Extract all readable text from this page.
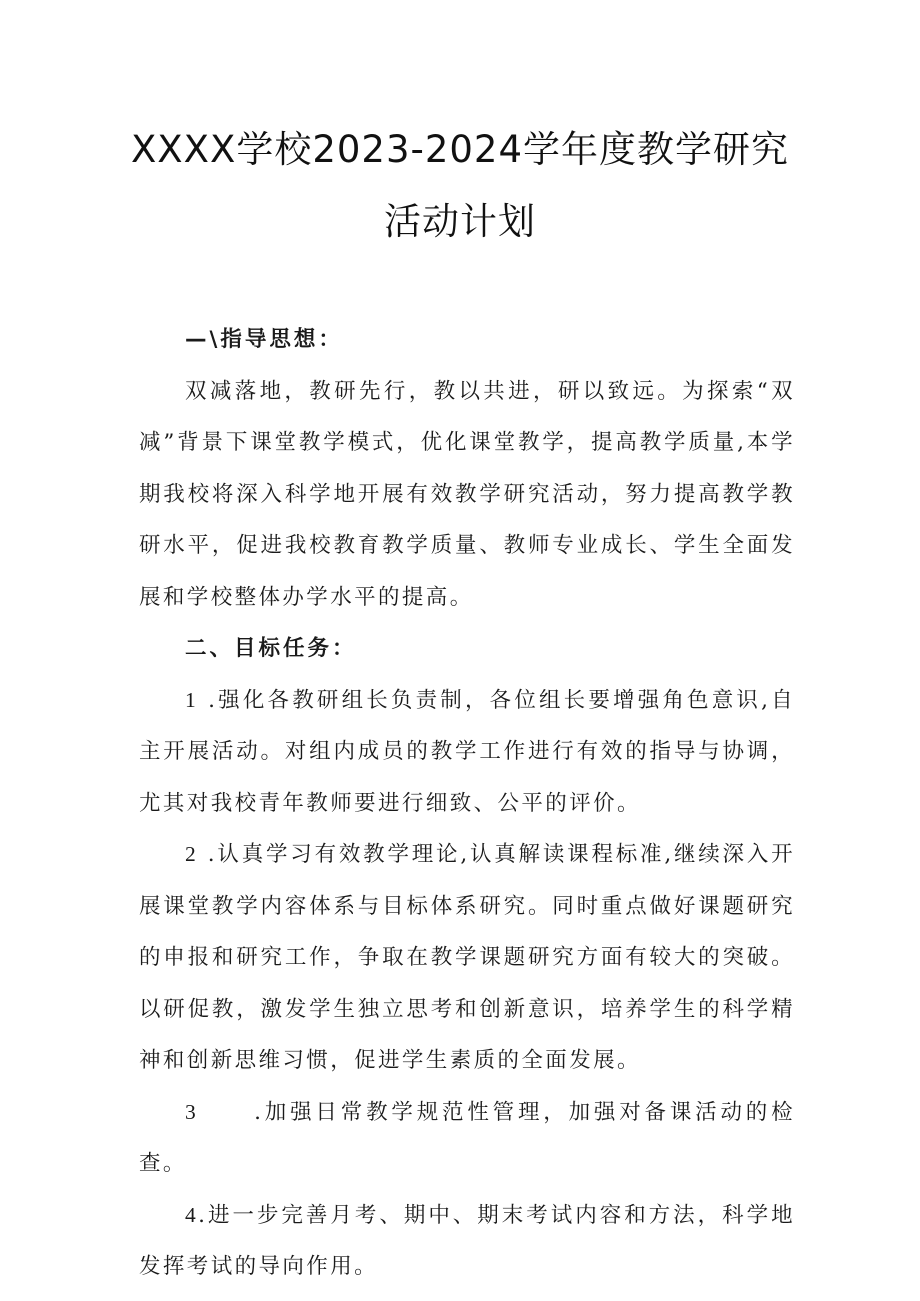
XXXX学校2023-2024学年度教学研究
活动计划

—\指导思想：

双减落地，教研先行，教以共进，研以致远。为探索“双减”背景下课堂教学模式，优化课堂教学，提高教学质量,本学期我校将深入科学地开展有效教学研究活动，努力提高教学教研水平，促进我校教育教学质量、教师专业成长、学生全面发展和学校整体办学水平的提高。

二、目标任务：

1 .强化各教研组长负责制，各位组长要增强角色意识,自主开展活动。对组内成员的教学工作进行有效的指导与协调，尤其对我校青年教师要进行细致、公平的评价。

2 .认真学习有效教学理论,认真解读课程标准,继续深入开展课堂教学内容体系与目标体系研究。同时重点做好课题研究的申报和研究工作，争取在教学课题研究方面有较大的突破。以研促教，激发学生独立思考和创新意识，培养学生的科学精神和创新思维习惯，促进学生素质的全面发展。

3	.加强日常教学规范性管理，加强对备课活动的检查。

4.进一步完善月考、期中、期末考试内容和方法，科学地发挥考试的导向作用。
